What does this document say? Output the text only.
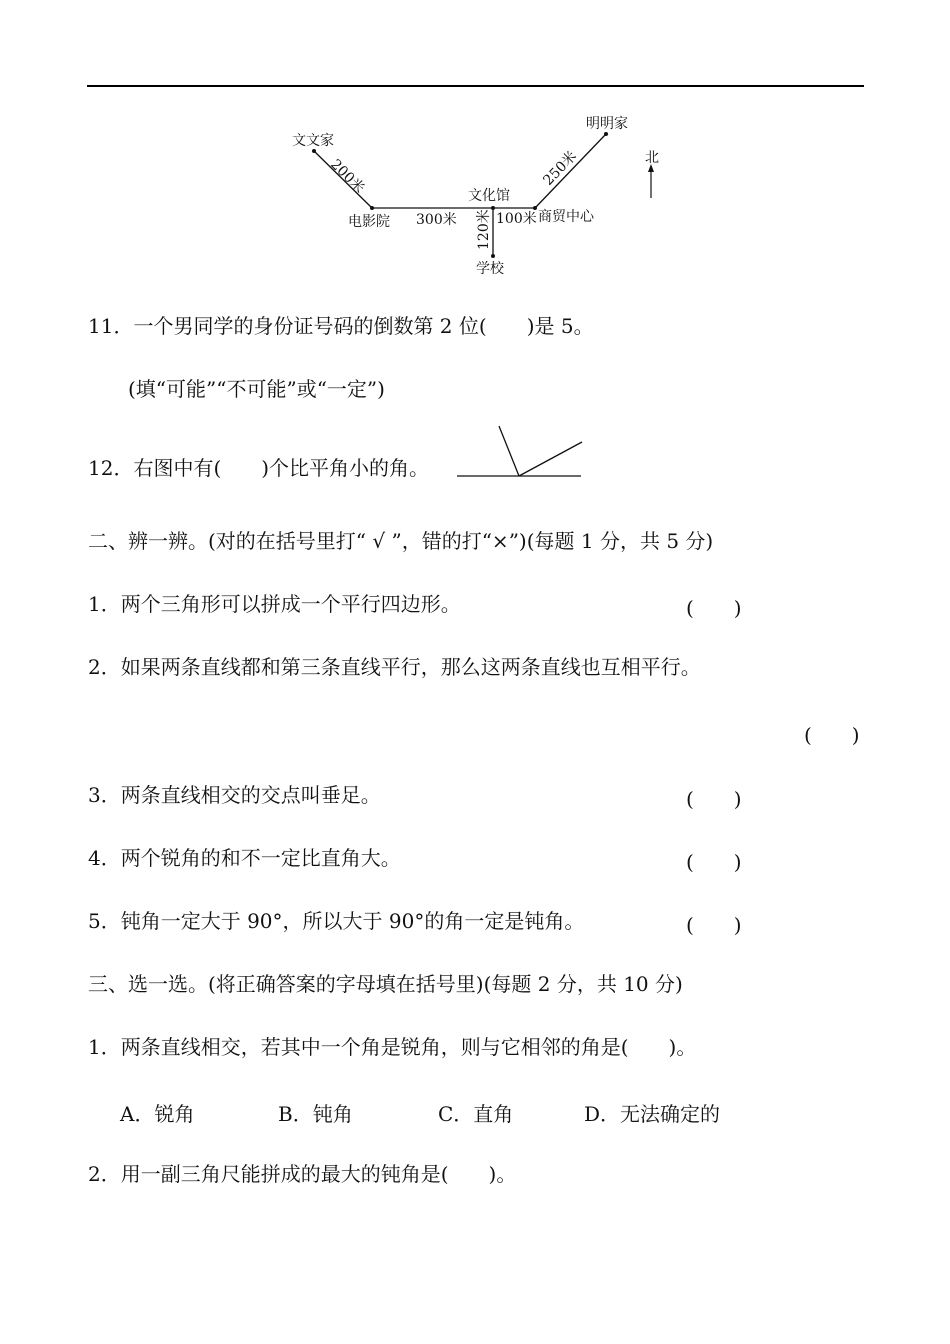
文文家
电影院
文化馆
明明家
商贸中心
学校
200米
300米	100米
250米
120米
北
11．一个男同学的身份证号码的倒数第 2 位(　　)是 5。
(填“可能”“不可能”或“一定”)
12．右图中有(　　)个比平角小的角。
二、辨一辨。(对的在括号里打“ √ ”，错的打“×”)(每题 1 分，共 5 分)
1．两个三角形可以拼成一个平行四边形。	(　　)
2．如果两条直线都和第三条直线平行，那么这两条直线也互相平行。
(　　)
3．两条直线相交的交点叫垂足。	(　　)
4．两个锐角的和不一定比直角大。	(　　)
5．钝角一定大于 90°，所以大于 90°的角一定是钝角。	(　　)
三、选一选。(将正确答案的字母填在括号里)(每题 2 分，共 10 分)
1．两条直线相交，若其中一个角是锐角，则与它相邻的角是(　　)。
A．锐角	B．钝角	C．直角	D．无法确定的
2．用一副三角尺能拼成的最大的钝角是(　　)。
